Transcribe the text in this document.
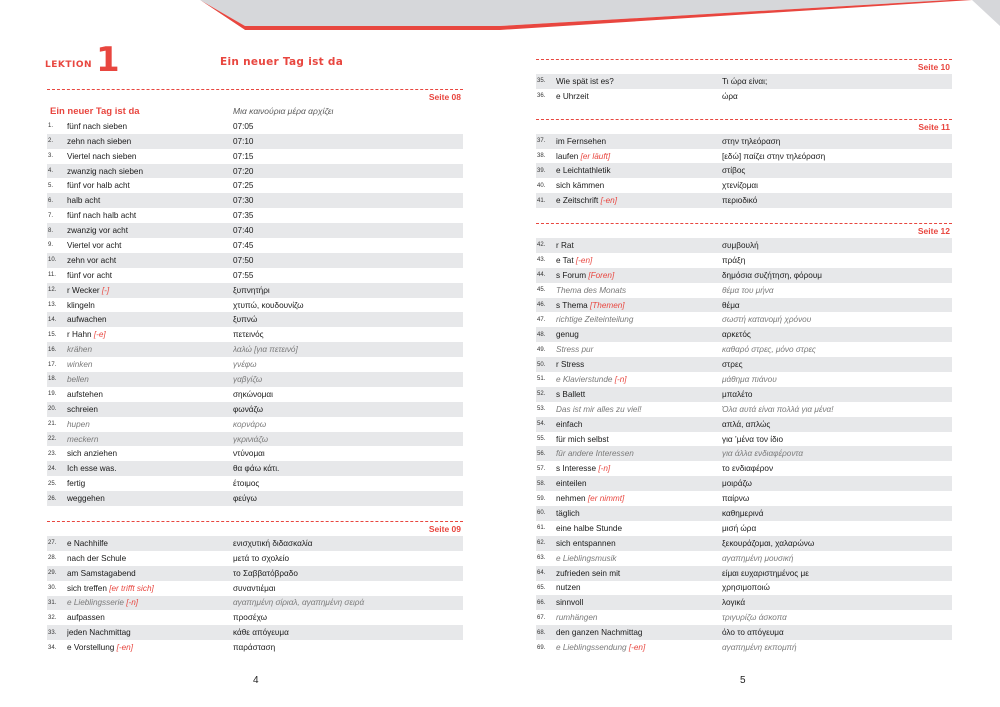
LEKTION 1	Ein neuer Tag ist da
Seite 08
Ein neuer Tag ist da	Μια καινούρια μέρα αρχίζει
1.	fünf nach sieben	07:05
2.	zehn nach sieben	07:10
3.	Viertel nach sieben	07:15
4.	zwanzig nach sieben	07:20
5.	fünf vor halb acht	07:25
6.	halb acht	07:30
7.	fünf nach halb acht	07:35
8.	zwanzig vor acht	07:40
9.	Viertel vor acht	07:45
10.	zehn vor acht	07:50
11.	fünf vor acht	07:55
12.	r Wecker [-]	ξυπνητήρι
13.	klingeln	χτυπώ, κουδουνίζω
14.	aufwachen	ξυπνώ
15.	r Hahn [-e]	πετεινός
16.	krähen	λαλώ [για πετεινό]
17.	winken	γνέφω
18.	bellen	γαβγίζω
19.	aufstehen	σηκώνομαι
20.	schreien	φωνάζω
21.	hupen	κορνάρω
22.	meckern	γκρινιάζω
23.	sich anziehen	ντύνομαι
24.	Ich esse was.	θα φάω κάτι.
25.	fertig	έτοιμος
26.	weggehen	φεύγω
Seite 09
27.	e Nachhilfe	ενισχυτική διδασκαλία
28.	nach der Schule	μετά το σχολείο
29.	am Samstagabend	το Σαββατόβραδο
30.	sich treffen [er trifft sich]	συναντιέμαι
31.	e Lieblingsserie [-n]	αγαπημένη σίριαλ, αγαπημένη σειρά
32.	aufpassen	προσέχω
33.	jeden Nachmittag	κάθε απόγευμα
34.	e Vorstellung [-en]	παράσταση
4
Seite 10
35.	Wie spät ist es?	Τι ώρα είναι;
36.	e Uhrzeit	ώρα
Seite 11
37.	im Fernsehen	στην τηλεόραση
38.	laufen [er läuft]	[εδώ] παίζει στην τηλεόραση
39.	e Leichtathletik	στίβος
40.	sich kämmen	χτενίζομαι
41.	e Zeitschrift [-en]	περιοδικό
Seite 12
42.	r Rat	συμβουλή
43.	e Tat [-en]	πράξη
44.	s Forum [Foren]	δημόσια συζήτηση, φόρουμ
45.	Thema des Monats	θέμα του μήνα
46.	s Thema [Themen]	θέμα
47.	richtige Zeiteinteilung	σωστή κατανομή χρόνου
48.	genug	αρκετός
49.	Stress pur	καθαρό στρες, μόνο στρες
50.	r Stress	στρες
51.	e Klavierstunde [-n]	μάθημα πιάνου
52.	s Ballett	μπαλέτο
53.	Das ist mir alles zu viel!	Όλα αυτά είναι πολλά για μένα!
54.	einfach	απλά, απλώς
55.	für mich selbst	για ’μένα τον ίδιο
56.	für andere Interessen	για άλλα ενδιαφέροντα
57.	s Interesse [-n]	το ενδιαφέρον
58.	einteilen	μοιράζω
59.	nehmen [er nimmt]	παίρνω
60.	täglich	καθημερινά
61.	eine halbe Stunde	μισή ώρα
62.	sich entspannen	ξεκουράζομαι, χαλαρώνω
63.	e Lieblingsmusik	αγαπημένη μουσική
64.	zufrieden sein mit	είμαι ευχαριστημένος με
65.	nutzen	χρησιμοποιώ
66.	sinnvoll	λογικά
67.	rumhängen	τριγυρίζω άσκοπα
68.	den ganzen Nachmittag	όλο το απόγευμα
69.	e Lieblingssendung [-en]	αγαπημένη εκπομπή
5
